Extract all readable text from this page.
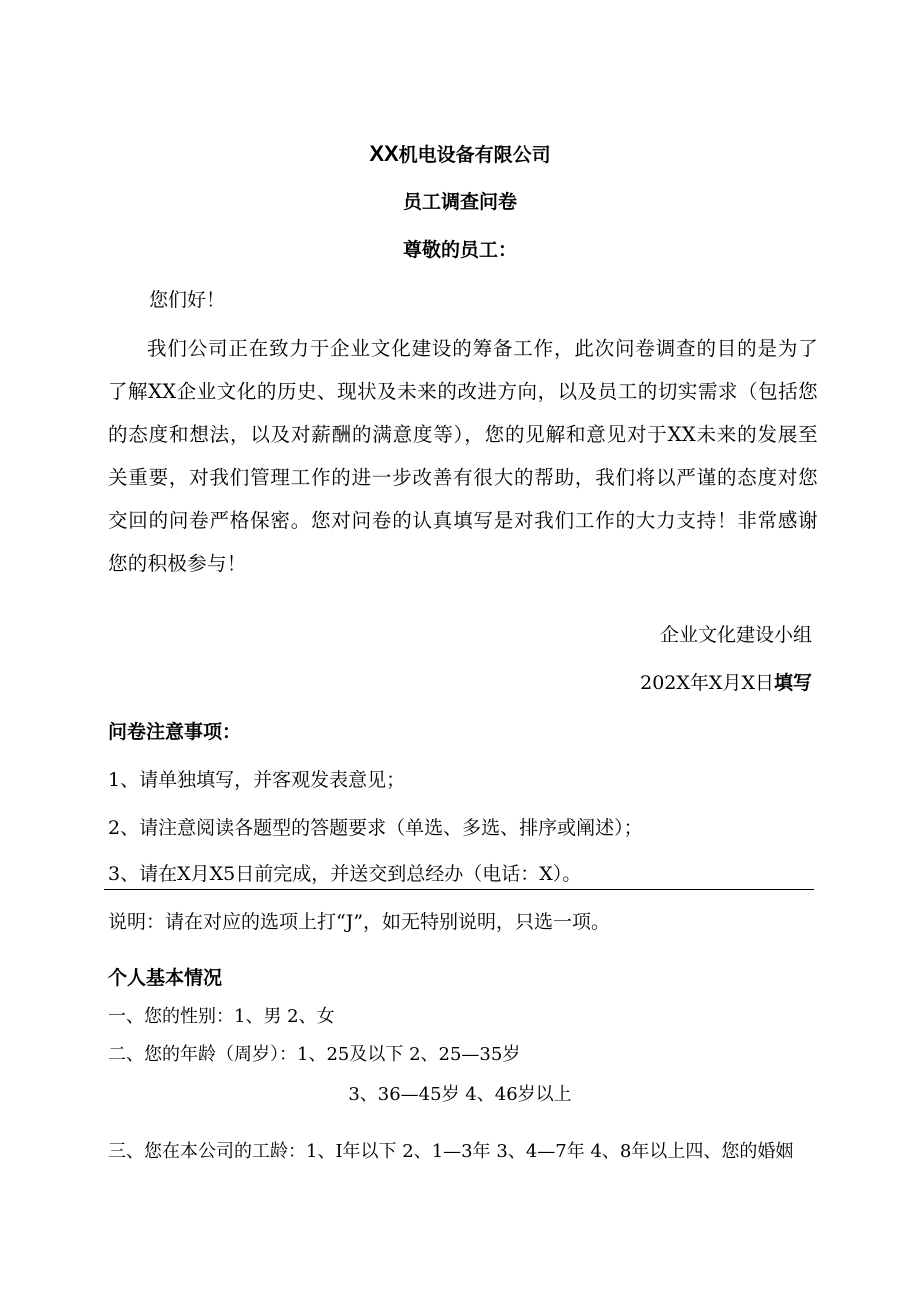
XX机电设备有限公司
员工调查问卷
尊敬的员工：
您们好！
我们公司正在致力于企业文化建设的筹备工作，此次问卷调查的目的是为了了解XX企业文化的历史、现状及未来的改进方向，以及员工的切实需求（包括您的态度和想法，以及对薪酬的满意度等），您的见解和意见对于XX未来的发展至关重要，对我们管理工作的进一步改善有很大的帮助，我们将以严谨的态度对您交回的问卷严格保密。您对问卷的认真填写是对我们工作的大力支持！非常感谢您的积极参与！
企业文化建设小组
202X年X月X日填写
问卷注意事项：
1、请单独填写，并客观发表意见；
2、请注意阅读各题型的答题要求（单选、多选、排序或阐述）；
3、请在X月X5日前完成，并送交到总经办（电话：X）。
说明：请在对应的选项上打“J”，如无特别说明，只选一项。
个人基本情况
一、您的性别：1、男 2、女
二、您的年龄（周岁）：1、25及以下 2、25—35岁
3、36—45岁 4、46岁以上
三、您在本公司的工龄：1、I年以下 2、1—3年 3、4—7年 4、8年以上四、您的婚姻
